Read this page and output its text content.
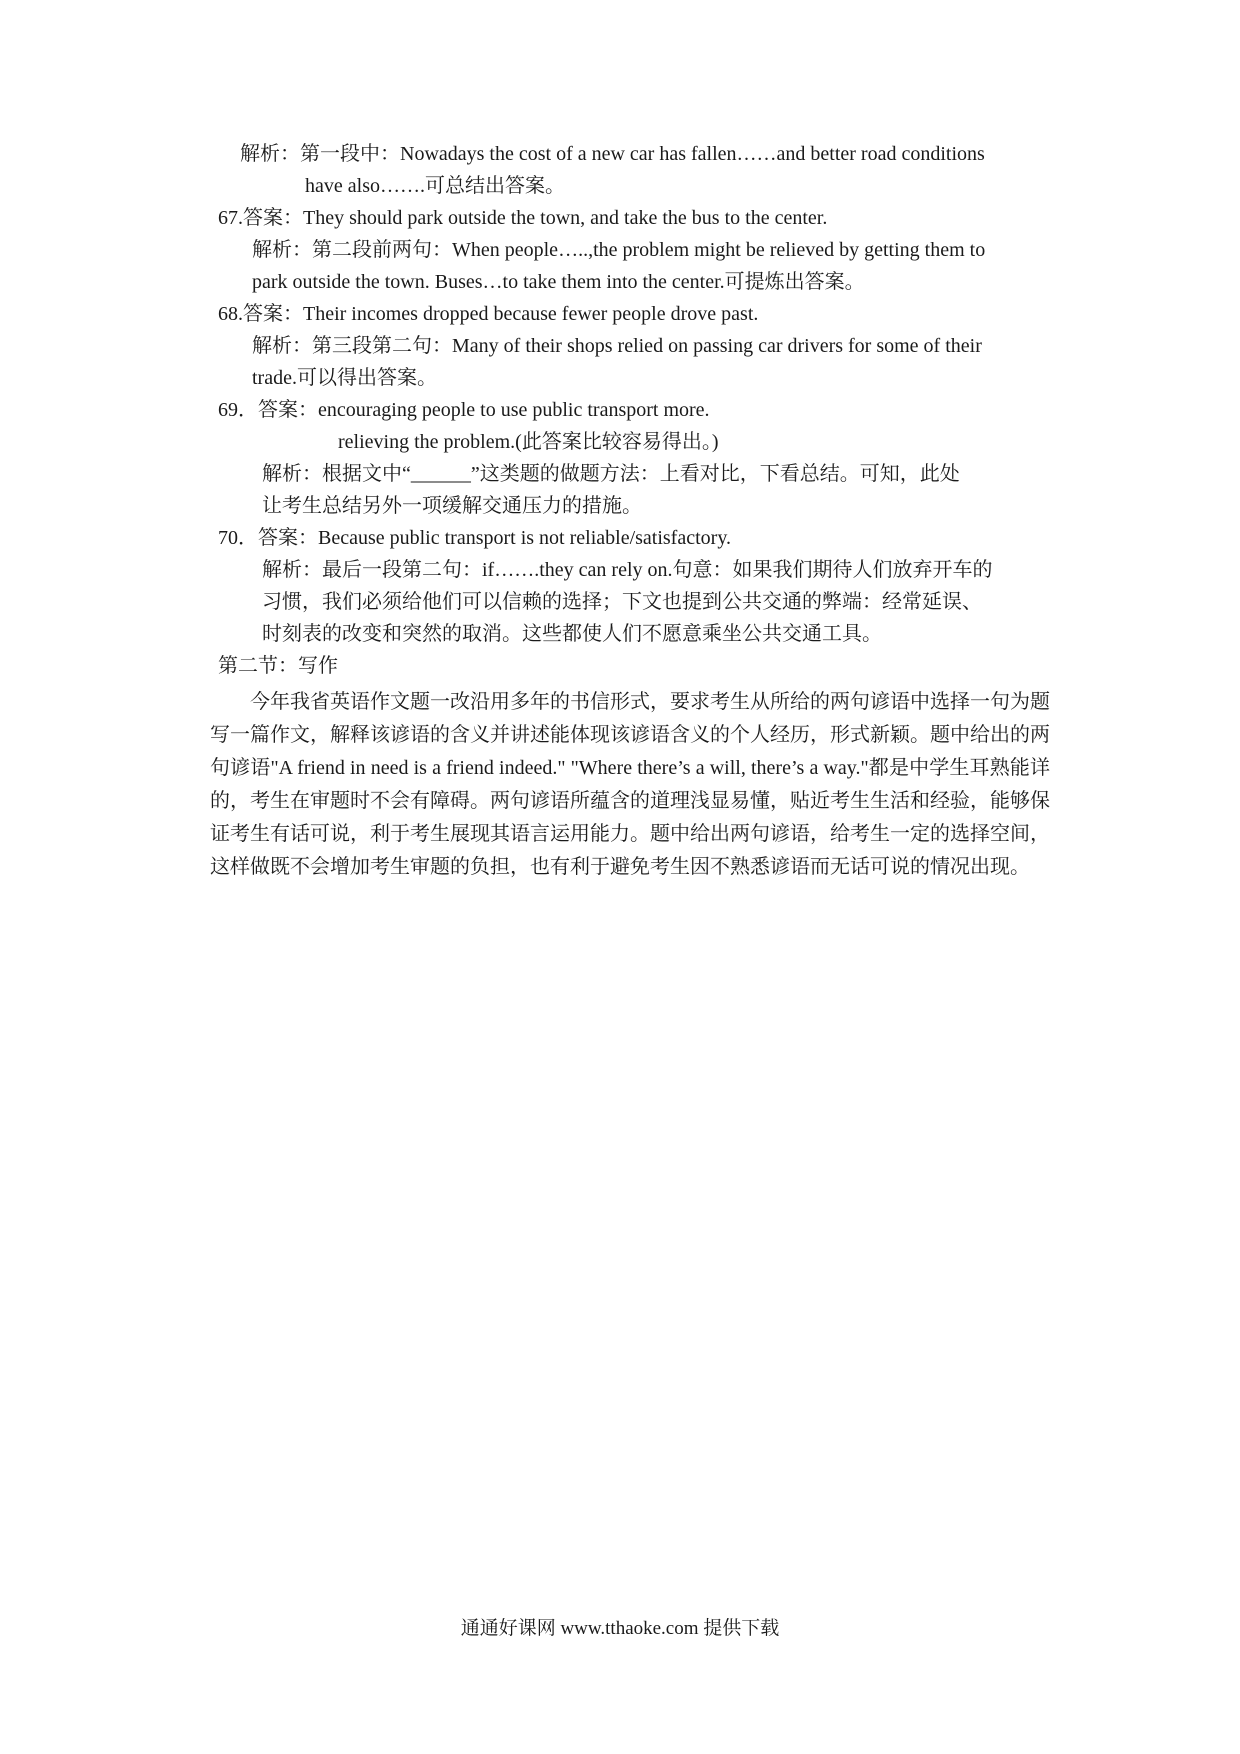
解析：第一段中：Nowadays the cost of a new car has fallen……and better road conditions
have also…….可总结出答案。
67.答案：They should park outside the town, and take the bus to the center.
解析：第二段前两句：When people…..,the problem might be relieved by getting them to
park outside the town. Buses…to take them into the center.可提炼出答案。
68.答案：Their incomes dropped because fewer people drove past.
解析：第三段第二句：Many of their shops relied on passing car drivers for some of their
trade.可以得出答案。
69．答案：encouraging people to use public transport more.
relieving the problem.(此答案比较容易得出。)
解析：根据文中“______”这类题的做题方法：上看对比，下看总结。可知，此处
让考生总结另外一项缓解交通压力的措施。
70．答案：Because public transport is not reliable/satisfactory.
解析：最后一段第二句：if…….they can rely on.句意：如果我们期待人们放弃开车的
习惯，我们必须给他们可以信赖的选择；下文也提到公共交通的弊端：经常延误、
时刻表的改变和突然的取消。这些都使人们不愿意乘坐公共交通工具。
第二节：写作
今年我省英语作文题一改沿用多年的书信形式，要求考生从所给的两句谚语中选择一句为题写一篇作文，解释该谚语的含义并讲述能体现该谚语含义的个人经历，形式新颖。题中给出的两句谚语"A friend in need is a friend indeed." "Where there’s a will, there’s a way."都是中学生耳熟能详的，考生在审题时不会有障碍。两句谚语所蕴含的道理浅显易懂，贴近考生生活和经验，能够保证考生有话可说，利于考生展现其语言运用能力。题中给出两句谚语，给考生一定的选择空间，这样做既不会增加考生审题的负担，也有利于避免考生因不熟悉谚语而无话可说的情况出现。
通通好课网 www.tthaoke.com 提供下载
